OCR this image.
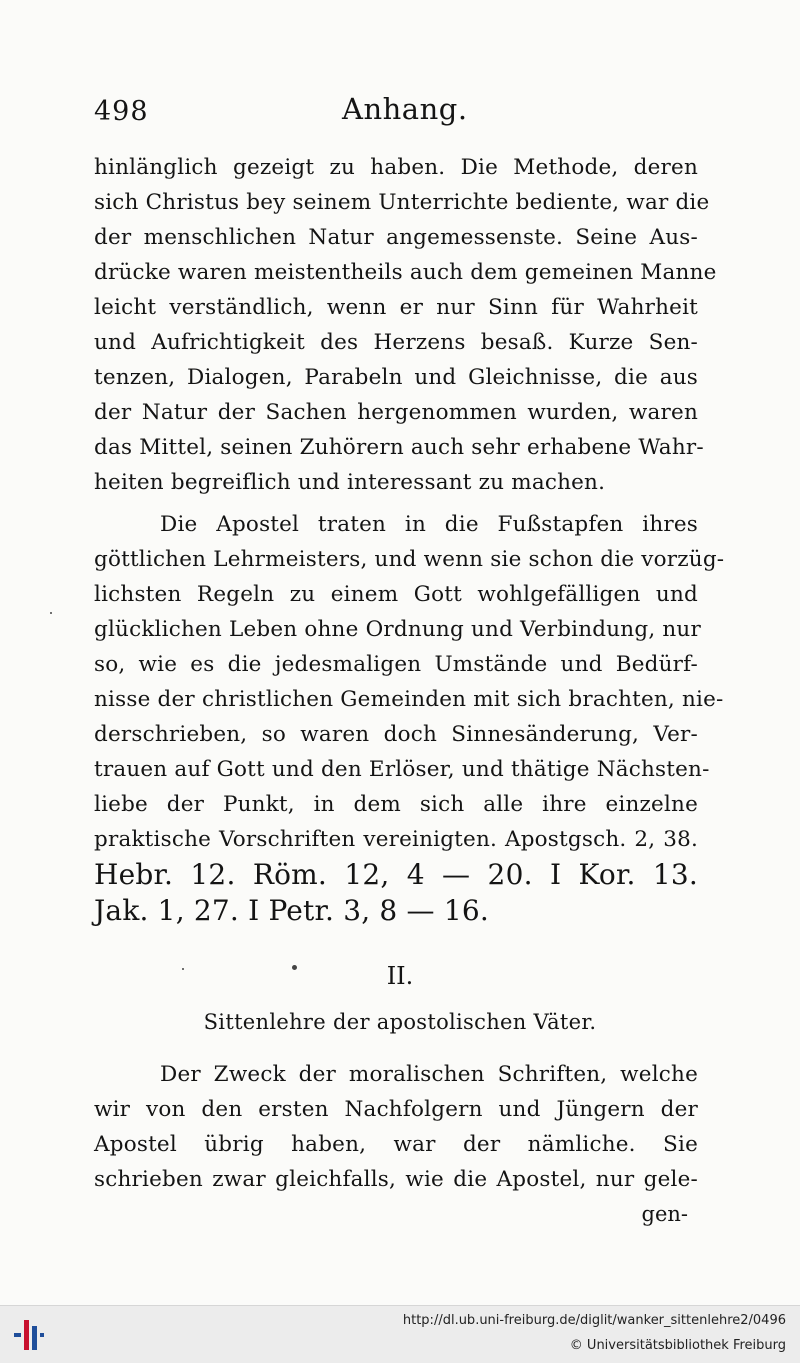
498	Anhang.
hinlänglich gezeigt zu haben. Die Methode, deren
sich Christus bey seinem Unterrichte bediente, war die
der menschlichen Natur angemessenste. Seine Aus-
drücke waren meistentheils auch dem gemeinen Manne
leicht verständlich, wenn er nur Sinn für Wahrheit
und Aufrichtigkeit des Herzens besaß. Kurze Sen-
tenzen, Dialogen, Parabeln und Gleichnisse, die aus
der Natur der Sachen hergenommen wurden, waren
das Mittel, seinen Zuhörern auch sehr erhabene Wahr-
heiten begreiflich und interessant zu machen.
Die Apostel traten in die Fußstapfen ihres
göttlichen Lehrmeisters, und wenn sie schon die vorzüg-
lichsten Regeln zu einem Gott wohlgefälligen und
glücklichen Leben ohne Ordnung und Verbindung, nur
so, wie es die jedesmaligen Umstände und Bedürf-
nisse der christlichen Gemeinden mit sich brachten, nie-
derschrieben, so waren doch Sinnesänderung, Ver-
trauen auf Gott und den Erlöser, und thätige Nächsten-
liebe der Punkt, in dem sich alle ihre einzelne
praktische Vorschriften vereinigten. Apostgsch. 2, 38.
Hebr. 12. Röm. 12, 4 — 20. I Kor. 13.
Jak. 1, 27. I Petr. 3, 8 — 16.
II.
Sittenlehre der apostolischen Väter.
Der Zweck der moralischen Schriften, welche
wir von den ersten Nachfolgern und Jüngern der
Apostel übrig haben, war der nämliche. Sie
schrieben zwar gleichfalls, wie die Apostel, nur gele-
gen-
http://dl.ub.uni-freiburg.de/diglit/wanker_sittenlehre2/0496
© Universitätsbibliothek Freiburg
